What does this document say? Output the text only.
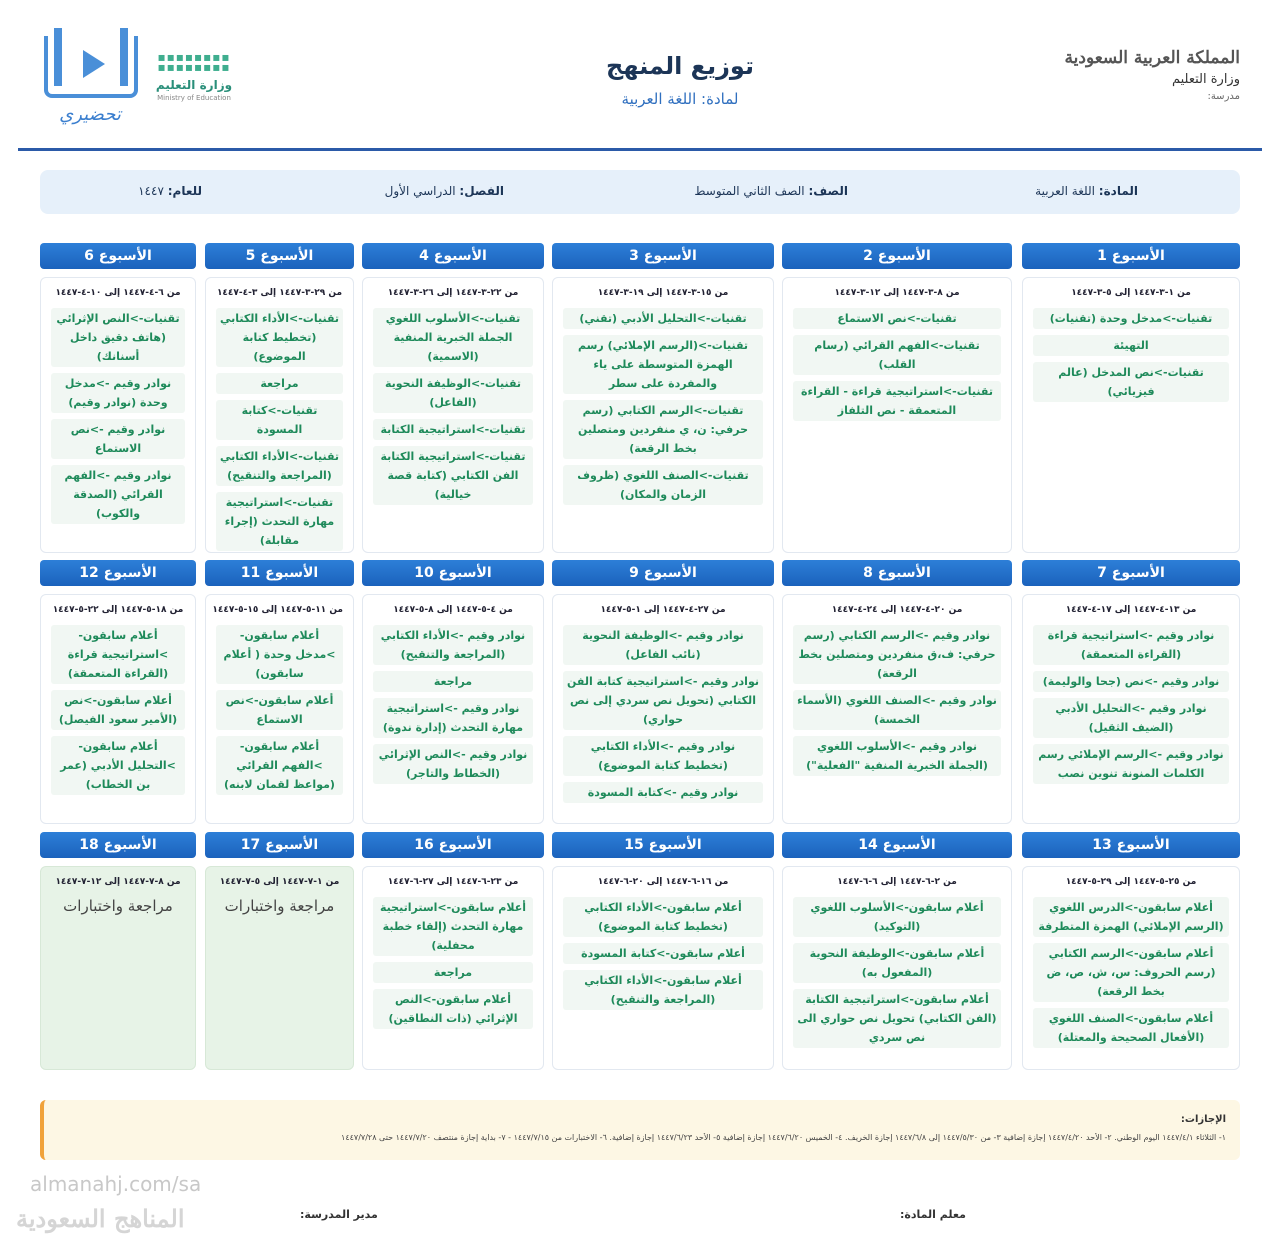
المملكة العربية السعودية
وزارة التعليم
مدرسة:
توزيع المنهج
لمادة: اللغة العربية
▪▪▪▪▪▪▪▪ ▪▪▪▪▪▪▪▪
وزارة التعليم
Ministry of Education
تحضيري
المادة: اللغة العربية
الصف: الصف الثاني المتوسط
الفصل: الدراسي الأول
للعام: ١٤٤٧
الأسبوع 1
من ١-٣-١٤٤٧ إلى ٥-٣-١٤٤٧
تقنيات->مدخل وحدة (تقنيات)
التهيئة
تقنيات->نص المدخل (عالم فيزيائي)
الأسبوع 2
من ٨-٣-١٤٤٧ إلى ١٢-٣-١٤٤٧
تقنيات->نص الاستماع
تقنيات->الفهم القرائي (رسام القلب)
تقنيات->استراتيجية قراءة - القراءة المتعمقة - نص التلفاز
الأسبوع 3
من ١٥-٣-١٤٤٧ إلى ١٩-٣-١٤٤٧
تقنيات->التحليل الأدبي (تقني)
تقنيات->(الرسم الإملائي) رسم الهمزة المتوسطة على ياء والمفردة على سطر
تقنيات->الرسم الكتابي (رسم حرفي: ن، ي منفردين ومتصلين بخط الرقعة)
تقنيات->الصنف اللغوي (ظروف الزمان والمكان)
الأسبوع 4
من ٢٢-٣-١٤٤٧ إلى ٢٦-٣-١٤٤٧
تقنيات->الأسلوب اللغوي الجملة الخبرية المنفية (الاسمية)
تقنيات->الوظيفة النحوية (الفاعل)
تقنيات->استراتيجية الكتابة
تقنيات->استراتيجية الكتابة الفن الكتابي (كتابة قصة خيالية)
الأسبوع 5
من ٢٩-٣-١٤٤٧ إلى ٣-٤-١٤٤٧
تقنيات->الأداء الكتابي (تخطيط كتابة الموضوع)
مراجعة
تقنيات->كتابة المسودة
تقنيات->الأداء الكتابي (المراجعة والتنقيح)
تقنيات->استراتيجية مهارة التحدث (إجراء مقابلة)
الأسبوع 6
من ٦-٤-١٤٤٧ إلى ١٠-٤-١٤٤٧
تقنيات->النص الإثرائي (هاتف دقيق داخل أسنانك)
نوادر وقيم ->مدخل وحدة (نوادر وقيم)
نوادر وقيم ->نص الاستماع
نوادر وقيم ->الفهم القرائي (الصدقة والكوب)
الأسبوع 7
من ١٣-٤-١٤٤٧ إلى ١٧-٤-١٤٤٧
نوادر وقيم ->استراتيجية قراءة (القراءة المتعمقة)
نوادر وقيم ->نص (جحا والوليمة)
نوادر وقيم ->التحليل الأدبي (الضيف الثقيل)
نوادر وقيم ->الرسم الإملائي رسم الكلمات المنونة تنوين نصب
الأسبوع 8
من ٢٠-٤-١٤٤٧ إلى ٢٤-٤-١٤٤٧
نوادر وقيم ->الرسم الكتابي (رسم حرفي: ف،ق منفردين ومتصلين بخط الرقعة)
نوادر وقيم ->الصنف اللغوي (الأسماء الخمسة)
نوادر وقيم ->الأسلوب اللغوي (الجملة الخبرية المنفية "الفعلية")
الأسبوع 9
من ٢٧-٤-١٤٤٧ إلى ١-٥-١٤٤٧
نوادر وقيم ->الوظيفة النحوية (نائب الفاعل)
نوادر وقيم ->استراتيجية كتابة الفن الكتابي (تحويل نص سردي إلى نص حواري)
نوادر وقيم ->الأداء الكتابي (تخطيط كتابة الموضوع)
نوادر وقيم ->كتابة المسودة
الأسبوع 10
من ٤-٥-١٤٤٧ إلى ٨-٥-١٤٤٧
نوادر وقيم ->الأداء الكتابي (المراجعة والتنقيح)
مراجعة
نوادر وقيم ->استراتيجية مهارة التحدث (إدارة ندوة)
نوادر وقيم ->النص الإثرائي (الخطاط والتاجر)
الأسبوع 11
من ١١-٥-١٤٤٧ إلى ١٥-٥-١٤٤٧
أعلام سابقون->مدخل وحدة ( أعلام سابقون)
أعلام سابقون->نص الاستماع
أعلام سابقون->الفهم القرائي (مواعظ لقمان لابنه)
الأسبوع 12
من ١٨-٥-١٤٤٧ إلى ٢٢-٥-١٤٤٧
أعلام سابقون->استراتيجية قراءة (القراءة المتعمقة)
أعلام سابقون->نص (الأمير سعود الفيصل)
أعلام سابقون->التحليل الأدبي (عمر بن الخطاب)
الأسبوع 13
من ٢٥-٥-١٤٤٧ إلى ٢٩-٥-١٤٤٧
أعلام سابقون->الدرس اللغوي (الرسم الإملائي) الهمزة المتطرفة
أعلام سابقون->الرسم الكتابي (رسم الحروف: س، ش، ص، ض بخط الرقعة)
أعلام سابقون->الصنف اللغوي (الأفعال الصحيحة والمعتلة)
الأسبوع 14
من ٢-٦-١٤٤٧ إلى ٦-٦-١٤٤٧
أعلام سابقون->الأسلوب اللغوي (التوكيد)
أعلام سابقون->الوظيفة النحوية (المفعول به)
أعلام سابقون->استراتيجية الكتابة (الفن الكتابي) تحويل نص حواري الى نص سردي
الأسبوع 15
من ١٦-٦-١٤٤٧ إلى ٢٠-٦-١٤٤٧
أعلام سابقون->الأداء الكتابي (تخطيط كتابة الموضوع)
أعلام سابقون->كتابة المسودة
أعلام سابقون->الأداء الكتابي (المراجعة والتنقيح)
الأسبوع 16
من ٢٣-٦-١٤٤٧ إلى ٢٧-٦-١٤٤٧
أعلام سابقون->استراتيجية مهارة التحدث (إلقاء خطبة محفلية)
مراجعة
أعلام سابقون->النص الإثرائي (ذات النطاقين)
الأسبوع 17
من ١-٧-١٤٤٧ إلى ٥-٧-١٤٤٧
مراجعة واختبارات
الأسبوع 18
من ٨-٧-١٤٤٧ إلى ١٢-٧-١٤٤٧
مراجعة واختبارات
الإجازات:
١- الثلاثاء ١٤٤٧/٤/١ اليوم الوطني. ٢- الأحد ١٤٤٧/٤/٢٠ إجازة إضافية ٣- من ١٤٤٧/٥/٣٠ إلى ١٤٤٧/٦/٨ إجازة الخريف. ٤- الخميس ١٤٤٧/٦/٢٠ إجازة إضافية ٥- الأحد ١٤٤٧/٦/٢٣ إجازة إضافية. ٦- الاختبارات من ١٤٤٧/٧/١٥ - ٧- بداية إجازة منتصف ١٤٤٧/٧/٢٠ حتى ١٤٤٧/٧/٢٨
معلم المادة:
مدير المدرسة:
almanahj.com/sa
المناهج السعودية
